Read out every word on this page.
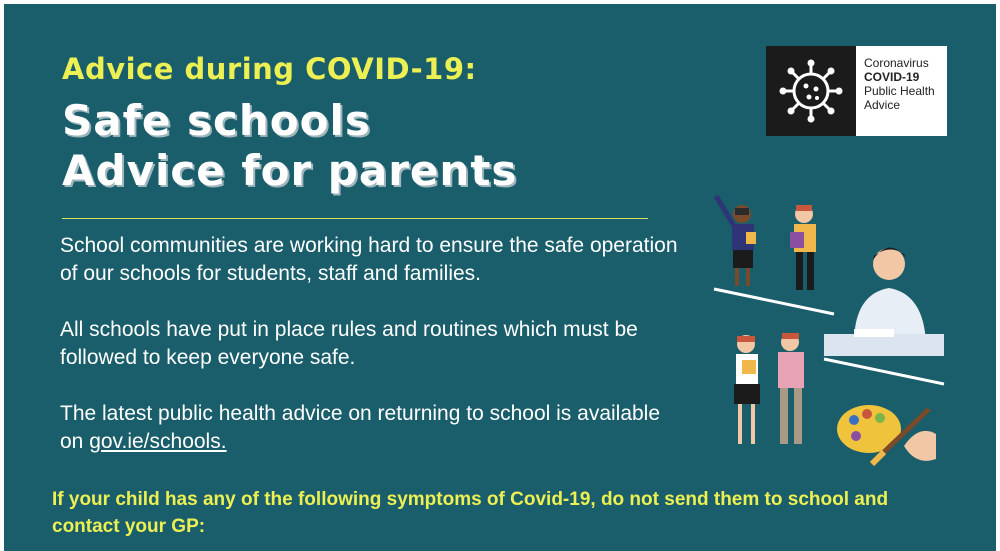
Advice during COVID-19:
Safe schools
Advice for parents

School communities are working hard to ensure the safe operation of our schools for students, staff and families.

All schools have put in place rules and routines which must be followed to keep everyone safe.

The latest public health advice on returning to school is available on gov.ie/schools.

If your child has any of the following symptoms of Covid-19, do not send them to school and contact your GP:

Coronavirus
COVID-19
Public Health
Advice
